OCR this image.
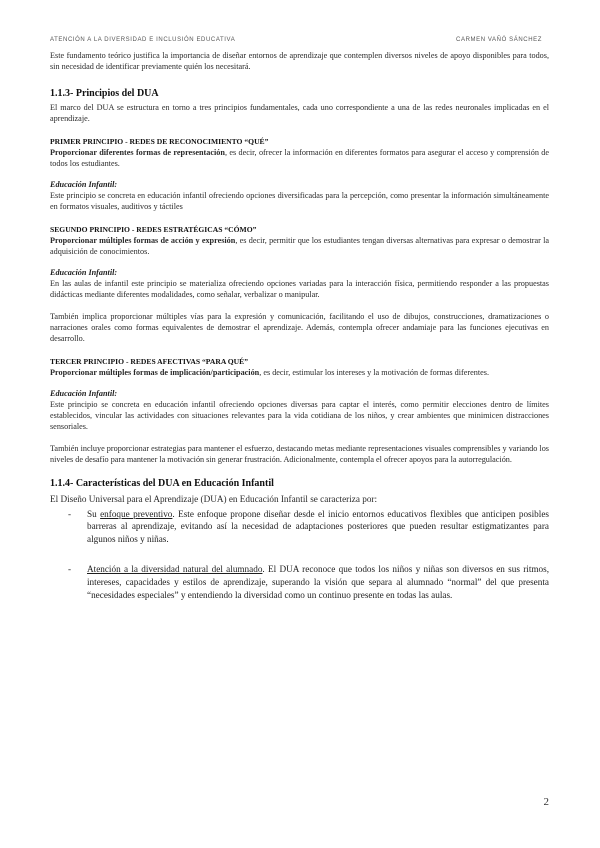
ATENCIÓN A LA DIVERSIDAD E INCLUSIÓN EDUCATIVA	CARMEN VAÑÓ SÁNCHEZ

Este fundamento teórico justifica la importancia de diseñar entornos de aprendizaje que contemplen diversos niveles de apoyo disponibles para todos, sin necesidad de identificar previamente quién los necesitará.

1.1.3- Principios del DUA

El marco del DUA se estructura en torno a tres principios fundamentales, cada uno correspondiente a una de las redes neuronales implicadas en el aprendizaje.

PRIMER PRINCIPIO - REDES DE RECONOCIMIENTO “QUÉ”

Proporcionar diferentes formas de representación, es decir, ofrecer la información en diferentes formatos para asegurar el acceso y comprensión de todos los estudiantes.

Educación Infantil:

Este principio se concreta en educación infantil ofreciendo opciones diversificadas para la percepción, como presentar la información simultáneamente en formatos visuales, auditivos y táctiles

SEGUNDO PRINCIPIO - REDES ESTRATÉGICAS “CÓMO”

Proporcionar múltiples formas de acción y expresión, es decir, permitir que los estudiantes tengan diversas alternativas para expresar o demostrar la adquisición de conocimientos.

Educación Infantil:

En las aulas de infantil este principio se materializa ofreciendo opciones variadas para la interacción física, permitiendo responder a las propuestas didácticas mediante diferentes modalidades, como señalar, verbalizar o manipular.

También implica proporcionar múltiples vías para la expresión y comunicación, facilitando el uso de dibujos, construcciones, dramatizaciones o narraciones orales como formas equivalentes de demostrar el aprendizaje. Además, contempla ofrecer andamiaje para las funciones ejecutivas en desarrollo.

TERCER PRINCIPIO - REDES AFECTIVAS “PARA QUÉ”

Proporcionar múltiples formas de implicación/participación, es decir, estimular los intereses y la motivación de formas diferentes.

Educación Infantil:

Este principio se concreta en educación infantil ofreciendo opciones diversas para captar el interés, como permitir elecciones dentro de límites establecidos, vincular las actividades con situaciones relevantes para la vida cotidiana de los niños, y crear ambientes que minimicen distracciones sensoriales.

También incluye proporcionar estrategias para mantener el esfuerzo, destacando metas mediante representaciones visuales comprensibles y variando los niveles de desafío para mantener la motivación sin generar frustración. Adicionalmente, contempla el ofrecer apoyos para la autorregulación.

1.1.4- Características del DUA en Educación Infantil

El Diseño Universal para el Aprendizaje (DUA) en Educación Infantil se caracteriza por:

- Su enfoque preventivo. Este enfoque propone diseñar desde el inicio entornos educativos flexibles que anticipen posibles barreras al aprendizaje, evitando así la necesidad de adaptaciones posteriores que pueden resultar estigmatizantes para algunos niños y niñas.
- Atención a la diversidad natural del alumnado. El DUA reconoce que todos los niños y niñas son diversos en sus ritmos, intereses, capacidades y estilos de aprendizaje, superando la visión que separa al alumnado “normal” del que presenta “necesidades especiales” y entendiendo la diversidad como un continuo presente en todas las aulas.
2
